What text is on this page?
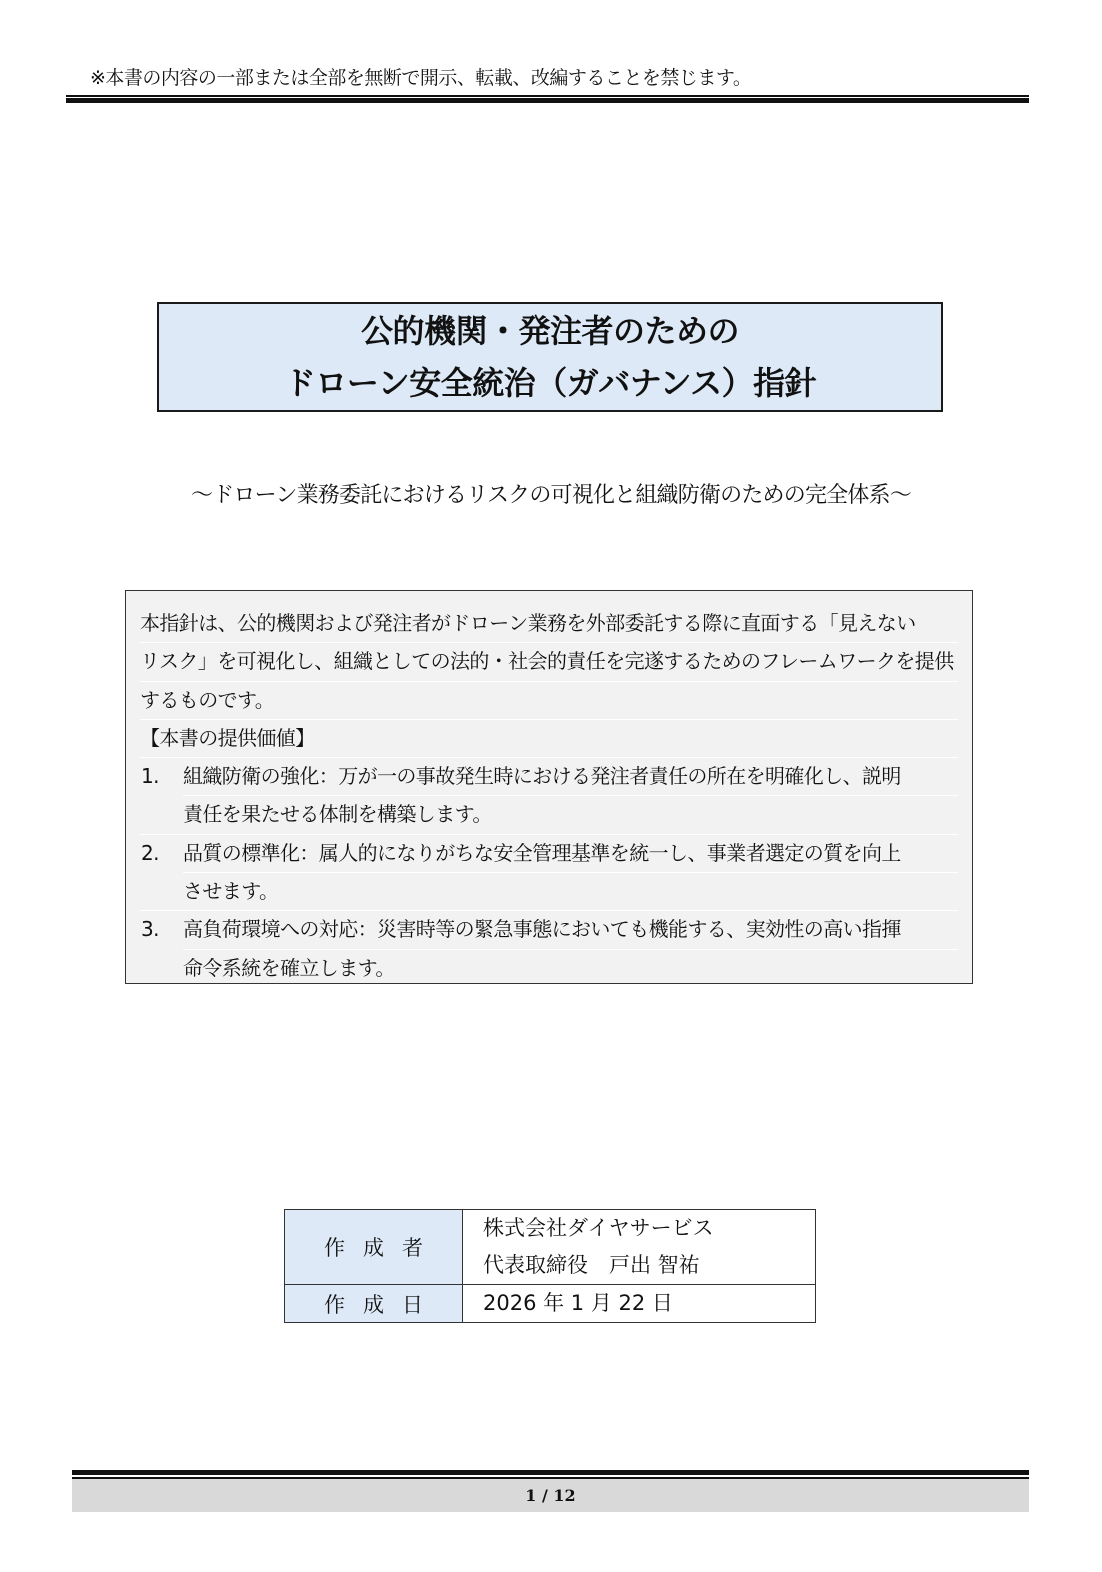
※本書の内容の一部または全部を無断で開示、転載、改編することを禁じます。
公的機関・発注者のための
ドローン安全統治（ガバナンス）指針
～ドローン業務委託におけるリスクの可視化と組織防衛のための完全体系～
本指針は、公的機関および発注者がドローン業務を外部委託する際に直面する「見えない
リスク」を可視化し、組織としての法的・社会的責任を完遂するためのフレームワークを提供
するものです。
【本書の提供価値】
1.	組織防衛の強化：万が一の事故発生時における発注者責任の所在を明確化し、説明
責任を果たせる体制を構築します。
2.	品質の標準化：属人的になりがちな安全管理基準を統一し、事業者選定の質を向上
させます。
3.	高負荷環境への対応：災害時等の緊急事態においても機能する、実効性の高い指揮
命令系統を確立します。
作成者	株式会社ダイヤサービス
代表取締役　戸出 智祐

作成日	2026 年 1 月 22 日
1 / 12
